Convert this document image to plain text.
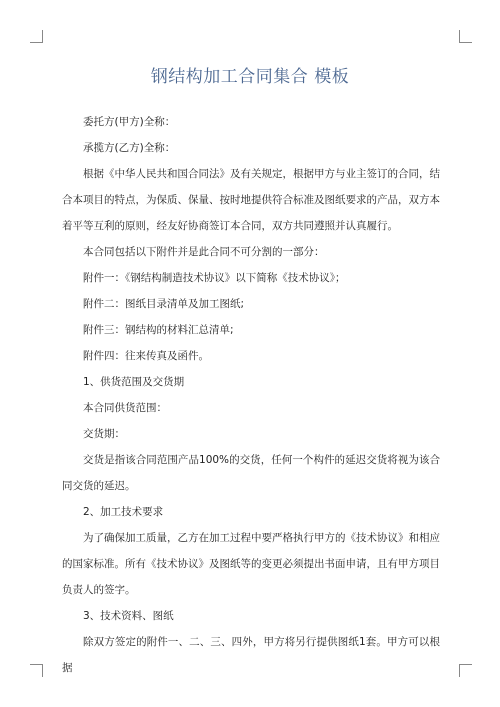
钢结构加工合同集合 模板

委托方(甲方)全称：

承揽方(乙方)全称：

根据《中华人民共和国合同法》及有关规定，根据甲方与业主签订的合同，结合本项目的特点，为保质、保量、按时地提供符合标准及图纸要求的产品，双方本着平等互利的原则，经友好协商签订本合同，双方共同遵照并认真履行。

本合同包括以下附件并是此合同不可分割的一部分：

附件一：《钢结构制造技术协议》以下简称《技术协议》；

附件二：图纸目录清单及加工图纸;

附件三：钢结构的材料汇总清单;

附件四：往来传真及函件。

1、供货范围及交货期

本合同供货范围：

交货期：

交货是指该合同范围产品100%的交货，任何一个构件的延迟交货将视为该合同交货的延迟。

2、加工技术要求

为了确保加工质量，乙方在加工过程中要严格执行甲方的《技术协议》和相应的国家标准。所有《技术协议》及图纸等的变更必须提出书面申请，且有甲方项目负责人的签字。

3、技术资料、图纸

除双方签定的附件一、二、三、四外，甲方将另行提供图纸1套。甲方可以根据
